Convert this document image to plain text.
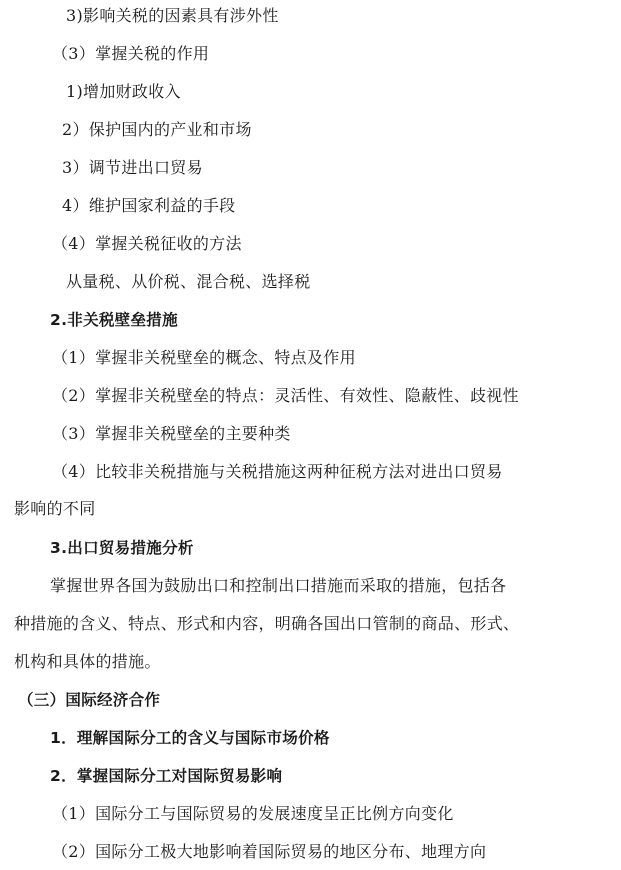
3)影响关税的因素具有涉外性
（3）掌握关税的作用
1)增加财政收入
2）保护国内的产业和市场
3）调节进出口贸易
4）维护国家利益的手段
（4）掌握关税征收的方法
从量税、从价税、混合税、选择税
2.非关税壁垒措施
（1）掌握非关税壁垒的概念、特点及作用
（2）掌握非关税壁垒的特点：灵活性、有效性、隐蔽性、歧视性
（3）掌握非关税壁垒的主要种类
（4）比较非关税措施与关税措施这两种征税方法对进出口贸易
影响的不同
3.出口贸易措施分析
掌握世界各国为鼓励出口和控制出口措施而采取的措施，包括各
种措施的含义、特点、形式和内容，明确各国出口管制的商品、形式、
机构和具体的措施。
（三）国际经济合作
1．理解国际分工的含义与国际市场价格
2．掌握国际分工对国际贸易影响
（1）国际分工与国际贸易的发展速度呈正比例方向变化
（2）国际分工极大地影响着国际贸易的地区分布、地理方向
